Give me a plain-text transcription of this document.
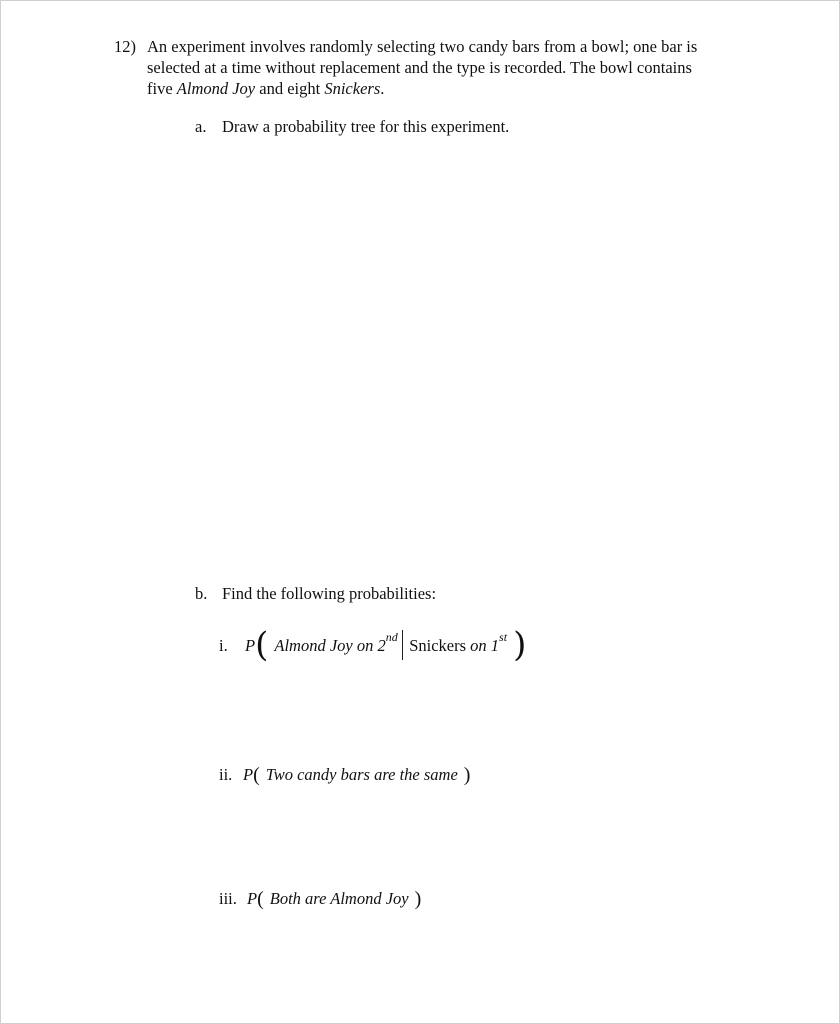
12) An experiment involves randomly selecting two candy bars from a bowl; one bar is
selected at a time without replacement and the type is recorded. The bowl contains
five Almond Joy and eight Snickers.
a. Draw a probability tree for this experiment.
b. Find the following probabilities:
i. P( Almond Joy on 2nd Snickers on 1st )
ii. P( Two candy bars are the same )
iii. P( Both are Almond Joy )
